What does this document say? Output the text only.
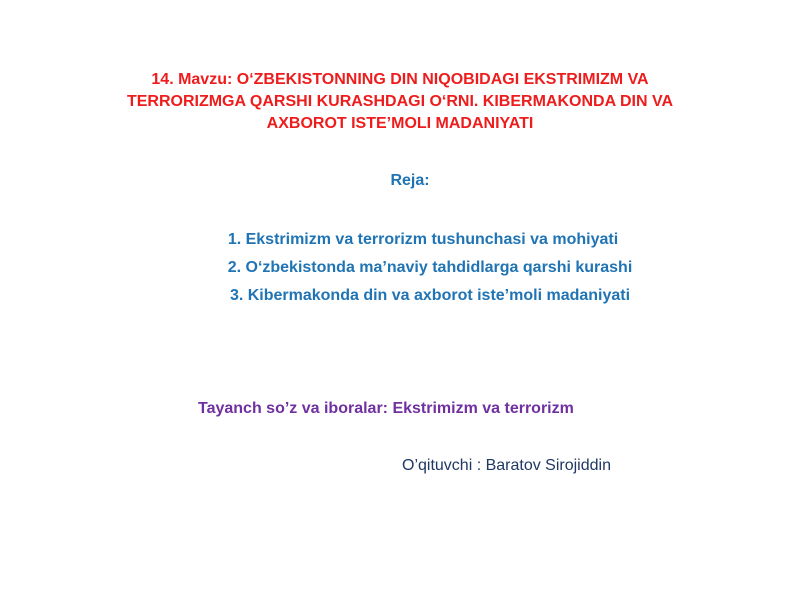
14. Mavzu: O‘ZBEKISTONNING DIN NIQOBIDAGI EKSTRIMIZM VA
TERRORIZMGA QARSHI KURASHDAGI O‘RNI. KIBERMAKONDA DIN VA
AXBOROT ISTE’MOLI MADANIYATI
Reja:
1. Ekstrimizm va terrorizm tushunchasi va mohiyati
2. O‘zbekistonda ma’naviy tahdidlarga qarshi kurashi
3. Kibermakonda din va axborot iste’moli madaniyati
Tayanch so’z va iboralar: Ekstrimizm va terrorizm
O’qituvchi : Baratov Sirojiddin
